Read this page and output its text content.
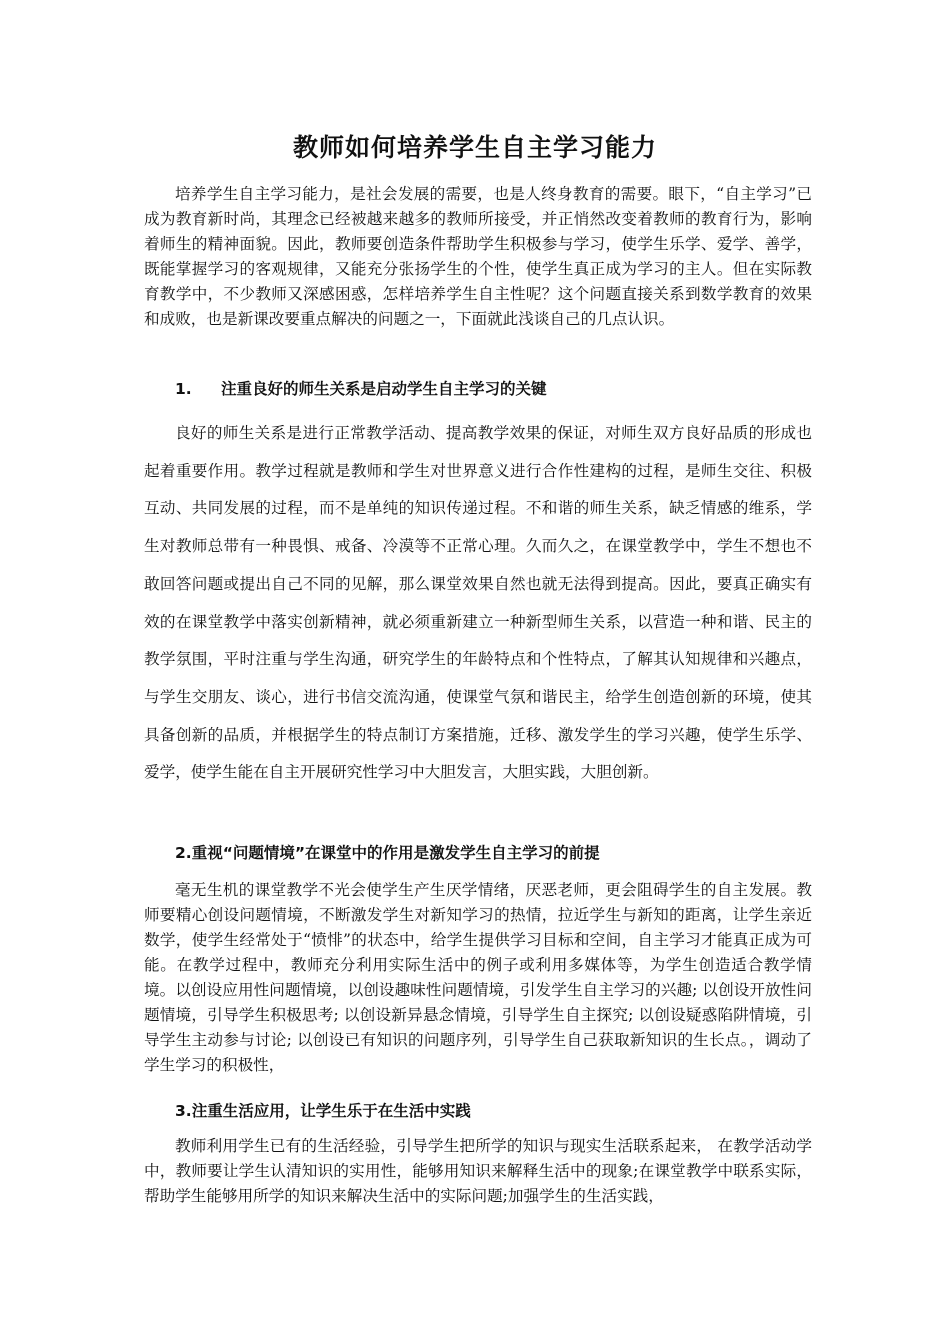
教师如何培养学生自主学习能力

培养学生自主学习能力，是社会发展的需要，也是人终身教育的需要。眼下，“自主学习”已成为教育新时尚，其理念已经被越来越多的教师所接受，并正悄然改变着教师的教育行为，影响着师生的精神面貌。因此，教师要创造条件帮助学生积极参与学习，使学生乐学、爱学、善学，既能掌握学习的客观规律，又能充分张扬学生的个性，使学生真正成为学习的主人。但在实际教育教学中，不少教师又深感困惑，怎样培养学生自主性呢？这个问题直接关系到数学教育的效果和成败，也是新课改要重点解决的问题之一，下面就此浅谈自己的几点认识。

1. 注重良好的师生关系是启动学生自主学习的关键

良好的师生关系是进行正常教学活动、提高教学效果的保证，对师生双方良好品质的形成也起着重要作用。教学过程就是教师和学生对世界意义进行合作性建构的过程，是师生交往、积极互动、共同发展的过程，而不是单纯的知识传递过程。不和谐的师生关系，缺乏情感的维系，学生对教师总带有一种畏惧、戒备、冷漠等不正常心理。久而久之，在课堂教学中，学生不想也不敢回答问题或提出自己不同的见解，那么课堂效果自然也就无法得到提高。因此，要真正确实有效的在课堂教学中落实创新精神，就必须重新建立一种新型师生关系，以营造一种和谐、民主的教学氛围，平时注重与学生沟通，研究学生的年龄特点和个性特点，了解其认知规律和兴趣点，与学生交朋友、谈心，进行书信交流沟通，使课堂气氛和谐民主，给学生创造创新的环境，使其具备创新的品质，并根据学生的特点制订方案措施，迁移、激发学生的学习兴趣，使学生乐学、爱学，使学生能在自主开展研究性学习中大胆发言，大胆实践，大胆创新。

2.重视“问题情境”在课堂中的作用是激发学生自主学习的前提

毫无生机的课堂教学不光会使学生产生厌学情绪，厌恶老师，更会阻碍学生的自主发展。教师要精心创设问题情境，不断激发学生对新知学习的热情，拉近学生与新知的距离，让学生亲近数学，使学生经常处于“愤悱”的状态中，给学生提供学习目标和空间，自主学习才能真正成为可能。在教学过程中，教师充分利用实际生活中的例子或利用多媒体等，为学生创造适合教学情境。以创设应用性问题情境，以创设趣味性问题情境，引发学生自主学习的兴趣; 以创设开放性问题情境，引导学生积极思考; 以创设新异悬念情境，引导学生自主探究; 以创设疑惑陷阱情境，引导学生主动参与讨论; 以创设已有知识的问题序列，引导学生自己获取新知识的生长点。，调动了学生学习的积极性，

3.注重生活应用，让学生乐于在生活中实践

教师利用学生已有的生活经验，引导学生把所学的知识与现实生活联系起来， 在教学活动学中，教师要让学生认清知识的实用性，能够用知识来解释生活中的现象;在课堂教学中联系实际，帮助学生能够用所学的知识来解决生活中的实际问题;加强学生的生活实践，
